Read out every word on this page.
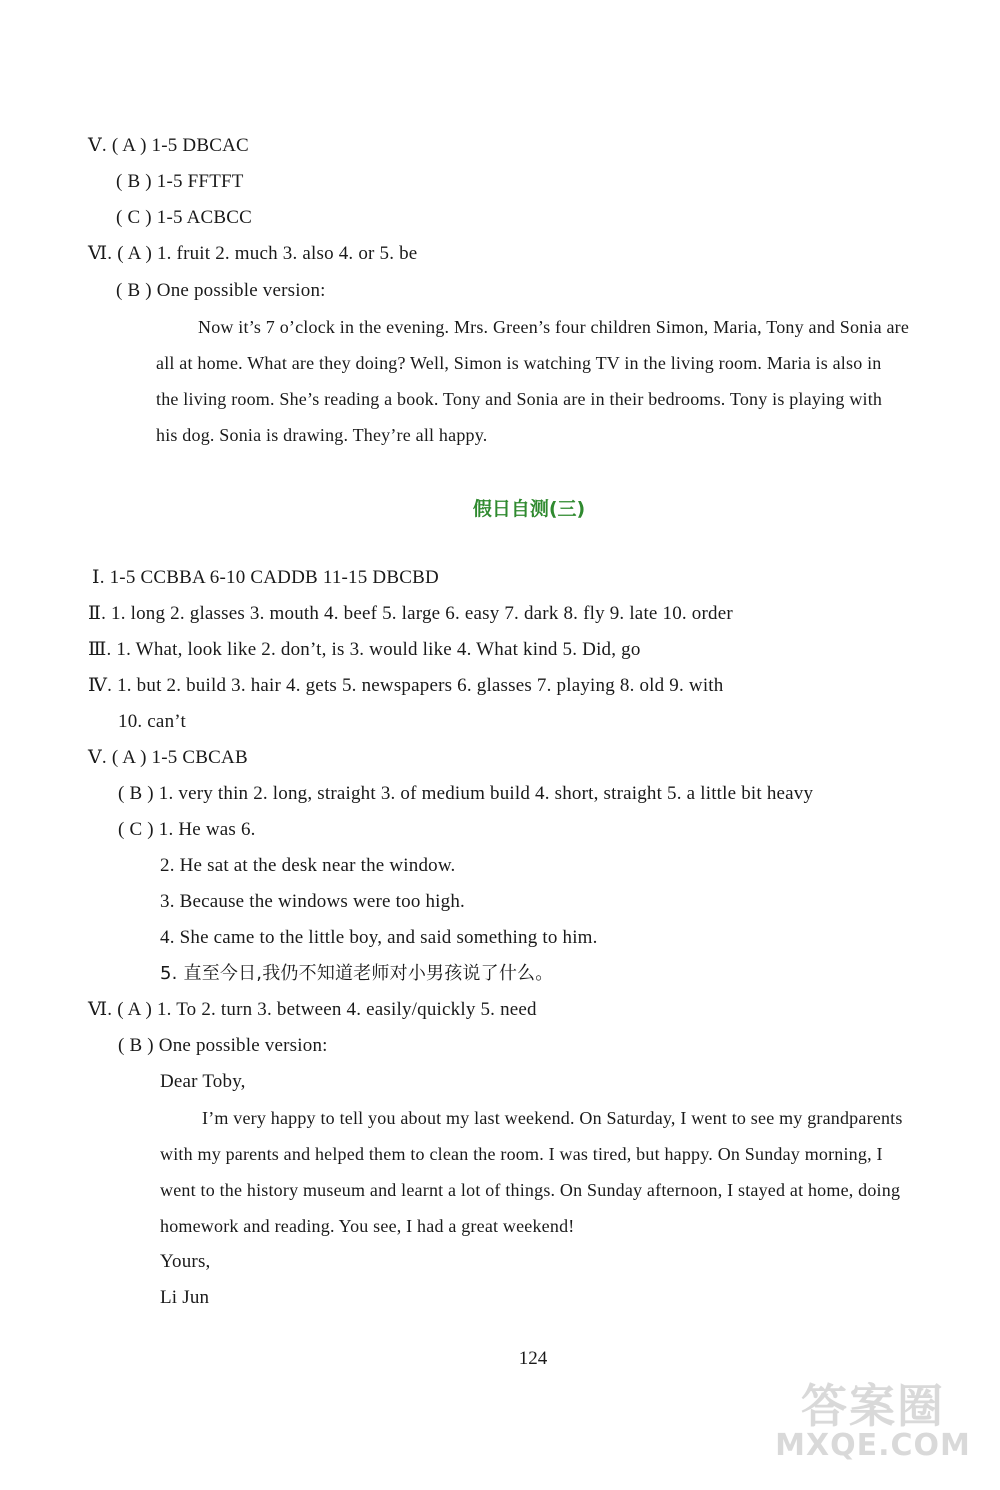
Ⅴ. ( A ) 1-5 DBCAC
( B ) 1-5 FFTFT
( C ) 1-5 ACBCC
Ⅵ. ( A ) 1. fruit 2. much 3. also 4. or 5. be
( B ) One possible version:
Now it’s 7 o’clock in the evening. Mrs. Green’s four children Simon, Maria, Tony and Sonia are
all at home. What are they doing? Well, Simon is watching TV in the living room. Maria is also in
the living room. She’s reading a book. Tony and Sonia are in their bedrooms. Tony is playing with
his dog. Sonia is drawing. They’re all happy.
假日自测(三)
Ⅰ. 1-5 CCBBA 6-10 CADDB 11-15 DBCBD
Ⅱ. 1. long 2. glasses 3. mouth 4. beef 5. large 6. easy 7. dark 8. fly 9. late 10. order
Ⅲ. 1. What, look like 2. don’t, is 3. would like 4. What kind 5. Did, go
Ⅳ. 1. but 2. build 3. hair 4. gets 5. newspapers 6. glasses 7. playing 8. old 9. with
10. can’t
Ⅴ. ( A ) 1-5 CBCAB
( B ) 1. very thin 2. long, straight 3. of medium build 4. short, straight 5. a little bit heavy
( C ) 1. He was 6.
2. He sat at the desk near the window.
3. Because the windows were too high.
4. She came to the little boy, and said something to him.
5. 直至今日,我仍不知道老师对小男孩说了什么。
Ⅵ. ( A ) 1. To 2. turn 3. between 4. easily/quickly 5. need
( B ) One possible version:
Dear Toby,
I’m very happy to tell you about my last weekend. On Saturday, I went to see my grandparents
with my parents and helped them to clean the room. I was tired, but happy. On Sunday morning, I
went to the history museum and learnt a lot of things. On Sunday afternoon, I stayed at home, doing
homework and reading. You see, I had a great weekend!
Yours,
Li Jun
124
答案圈
MXQE.COM
